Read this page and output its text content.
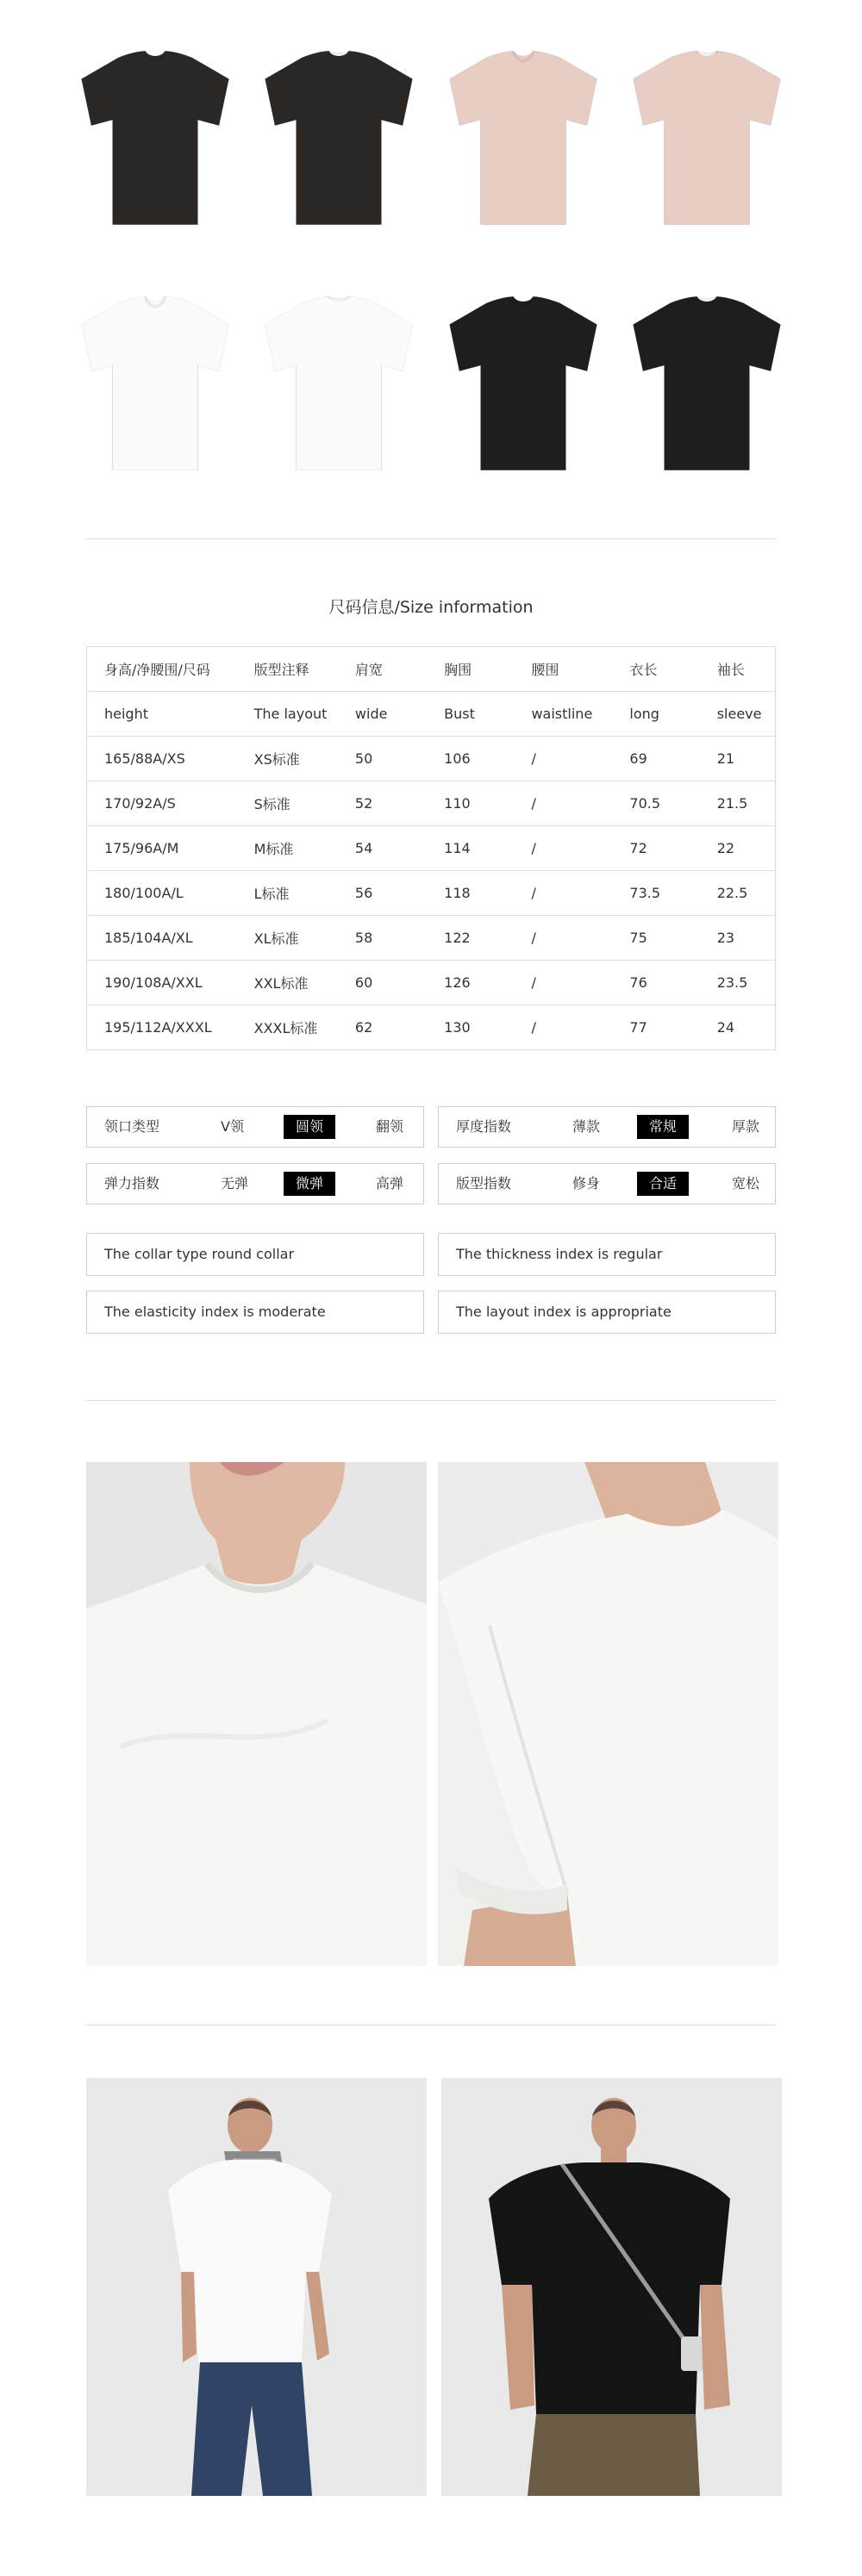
尺码信息/Size information
身高/净腰围/尺码	版型注释	肩宽	胸围	腰围	衣长	袖长
height	The layout	wide	Bust	waistline	long	sleeve
165/88A/XS	XS标准	50	106	/	69	21
170/92A/S	S标准	52	110	/	70.5	21.5
175/96A/M	M标准	54	114	/	72	22
180/100A/L	L标准	56	118	/	73.5	22.5
185/104A/XL	XL标准	58	122	/	75	23
190/108A/XXL	XXL标准	60	126	/	76	23.5
195/112A/XXXL	XXXL标准	62	130	/	77	24
领口类型	V领	圆领	翻领	厚度指数	薄款	常规	厚款
弹力指数	无弹	微弹	高弹	版型指数	修身	合适	宽松
The collar type round collar	The thickness index is regular
The elasticity index is moderate	The layout index is appropriate
